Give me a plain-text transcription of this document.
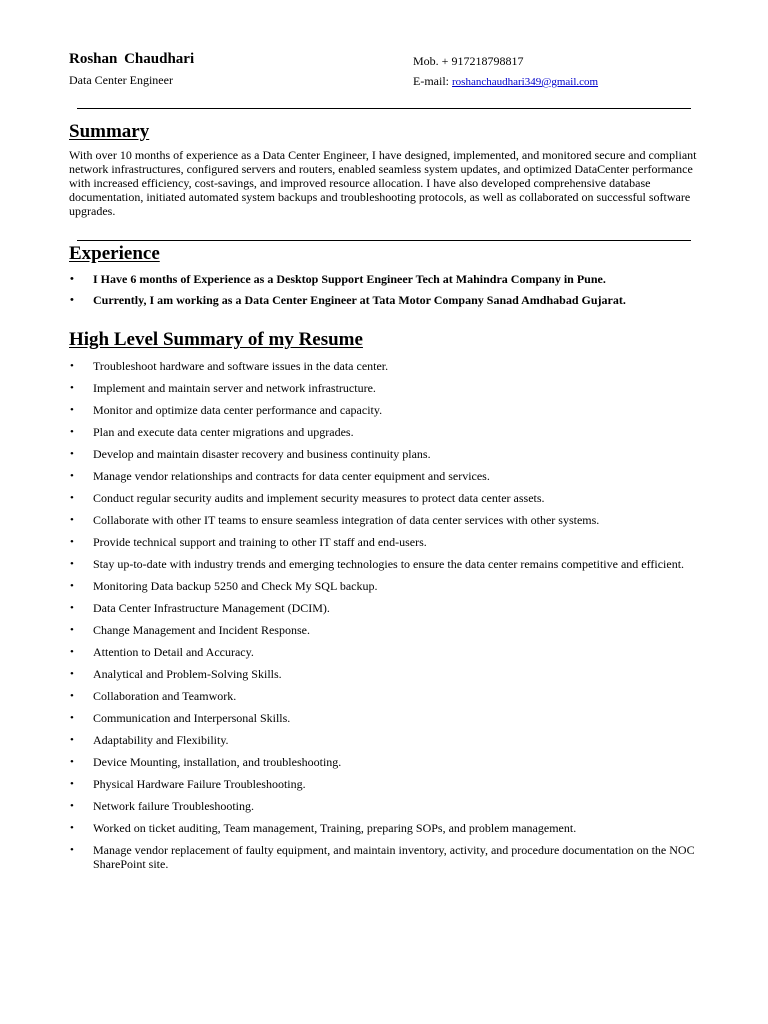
Roshan Chaudhari
Data Center Engineer
Mob. + 917218798817
E-mail: roshanchaudhari349@gmail.com
Summary

With over 10 months of experience as a Data Center Engineer, I have designed, implemented, and monitored secure and compliant network infrastructures, configured servers and routers, enabled seamless system updates, and optimized DataCenter performance with increased efficiency, cost-savings, and improved resource allocation. I have also developed comprehensive database documentation, initiated automated system backups and troubleshooting protocols, as well as collaborated on successful software upgrades.

Experience
• I Have 6 months of Experience as a Desktop Support Engineer Tech at Mahindra Company in Pune.
• Currently, I am working as a Data Center Engineer at Tata Motor Company Sanad Amdhabad Gujarat.
High Level Summary of my Resume
• Troubleshoot hardware and software issues in the data center.
• Implement and maintain server and network infrastructure.
• Monitor and optimize data center performance and capacity.
• Plan and execute data center migrations and upgrades.
• Develop and maintain disaster recovery and business continuity plans.
• Manage vendor relationships and contracts for data center equipment and services.
• Conduct regular security audits and implement security measures to protect data center assets.
• Collaborate with other IT teams to ensure seamless integration of data center services with other systems.
• Provide technical support and training to other IT staff and end-users.
• Stay up-to-date with industry trends and emerging technologies to ensure the data center remains competitive and efficient.
• Monitoring Data backup 5250 and Check My SQL backup.
• Data Center Infrastructure Management (DCIM).
• Change Management and Incident Response.
• Attention to Detail and Accuracy.
• Analytical and Problem-Solving Skills.
• Collaboration and Teamwork.
• Communication and Interpersonal Skills.
• Adaptability and Flexibility.
• Device Mounting, installation, and troubleshooting.
• Physical Hardware Failure Troubleshooting.
• Network failure Troubleshooting.
• Worked on ticket auditing, Team management, Training, preparing SOPs, and problem management.
• Manage vendor replacement of faulty equipment, and maintain inventory, activity, and procedure documentation on the NOC SharePoint site.
